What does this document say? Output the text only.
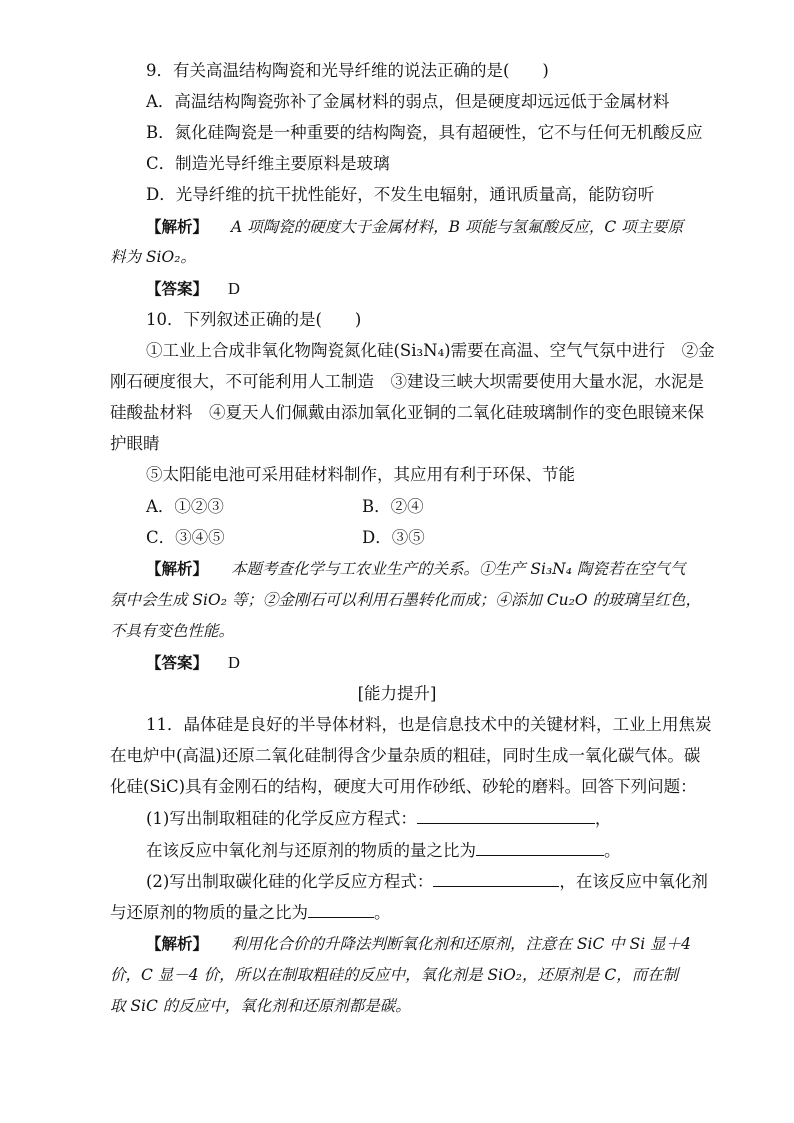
9．有关高温结构陶瓷和光导纤维的说法正确的是(　　)
A．高温结构陶瓷弥补了金属材料的弱点，但是硬度却远远低于金属材料
B．氮化硅陶瓷是一种重要的结构陶瓷，具有超硬性，它不与任何无机酸反应
C．制造光导纤维主要原料是玻璃
D．光导纤维的抗干扰性能好，不发生电辐射，通讯质量高，能防窃听
【解析】 A 项陶瓷的硬度大于金属材料，B 项能与氢氟酸反应，C 项主要原
料为 SiO₂。
【答案】 D
10．下列叙述正确的是(　　)
①工业上合成非氧化物陶瓷氮化硅(Si₃N₄)需要在高温、空气气氛中进行　②金
刚石硬度很大，不可能利用人工制造　③建设三峡大坝需要使用大量水泥，水泥是
硅酸盐材料　④夏天人们佩戴由添加氧化亚铜的二氧化硅玻璃制作的变色眼镜来保
护眼睛
⑤太阳能电池可采用硅材料制作，其应用有利于环保、节能
A．①②③	B．②④
C．③④⑤	D．③⑤
【解析】 本题考查化学与工农业生产的关系。①生产 Si₃N₄ 陶瓷若在空气气
氛中会生成 SiO₂ 等；②金刚石可以利用石墨转化而成；④添加 Cu₂O 的玻璃呈红色，
不具有变色性能。
【答案】 D
[能力提升]
11．晶体硅是良好的半导体材料，也是信息技术中的关键材料，工业上用焦炭
在电炉中(高温)还原二氧化硅制得含少量杂质的粗硅，同时生成一氧化碳气体。碳
化硅(SiC)具有金刚石的结构，硬度大可用作砂纸、砂轮的磨料。回答下列问题：
(1)写出制取粗硅的化学反应方程式：	，
在该反应中氧化剂与还原剂的物质的量之比为	。
(2)写出制取碳化硅的化学反应方程式：	，在该反应中氧化剂
与还原剂的物质的量之比为	。
【解析】 利用化合价的升降法判断氧化剂和还原剂，注意在 SiC 中 Si 显＋4
价，C 显－4 价，所以在制取粗硅的反应中，氧化剂是 SiO₂，还原剂是 C，而在制
取 SiC 的反应中，氧化剂和还原剂都是碳。
